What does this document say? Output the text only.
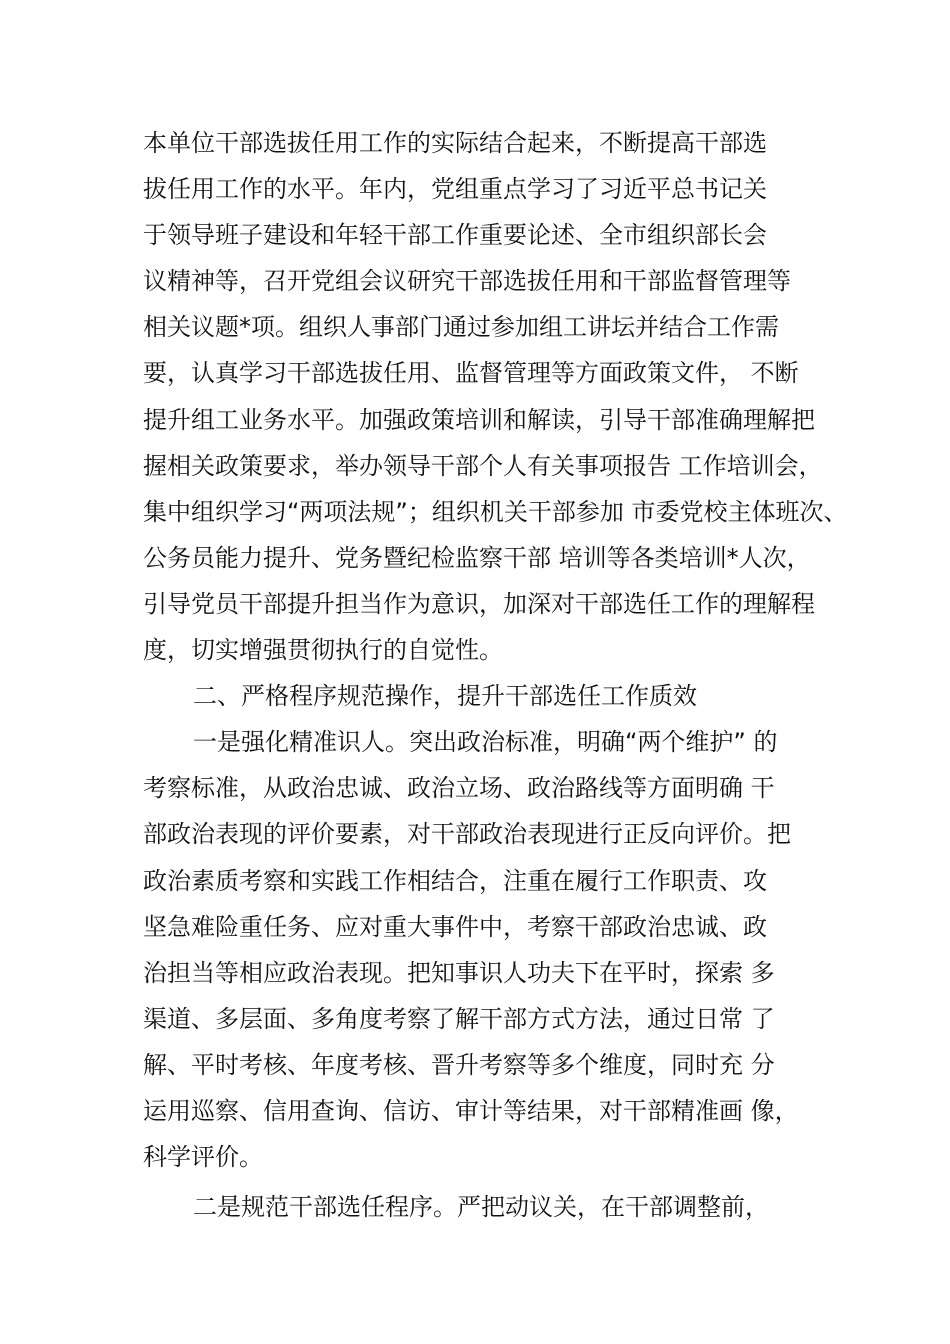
本单位干部选拔任用工作的实际结合起来，不断提高干部选
拔任用工作的水平。年内，党组重点学习了习近平总书记关
于领导班子建设和年轻干部工作重要论述、全市组织部长会
议精神等，召开党组会议研究干部选拔任用和干部监督管理等
相关议题*项。组织人事部门通过参加组工讲坛并结合工作需
要，认真学习干部选拔任用、监督管理等方面政策文件， 不断
提升组工业务水平。加强政策培训和解读，引导干部准确理解把
握相关政策要求，举办领导干部个人有关事项报告 工作培训会，
集中组织学习“两项法规”；组织机关干部参加 市委党校主体班次、
公务员能力提升、党务暨纪检监察干部 培训等各类培训*人次，
引导党员干部提升担当作为意识，加深对干部选任工作的理解程
度，切实增强贯彻执行的自觉性。
二、严格程序规范操作，提升干部选任工作质效
一是强化精准识人。突出政治标准，明确“两个维护” 的
考察标准，从政治忠诚、政治立场、政治路线等方面明确 干
部政治表现的评价要素，对干部政治表现进行正反向评价。把
政治素质考察和实践工作相结合，注重在履行工作职责、攻
坚急难险重任务、应对重大事件中，考察干部政治忠诚、政
治担当等相应政治表现。把知事识人功夫下在平时，探索 多
渠道、多层面、多角度考察了解干部方式方法，通过日常 了
解、平时考核、年度考核、晋升考察等多个维度，同时充 分
运用巡察、信用查询、信访、审计等结果，对干部精准画 像，
科学评价。
二是规范干部选任程序。严把动议关，在干部调整前，
